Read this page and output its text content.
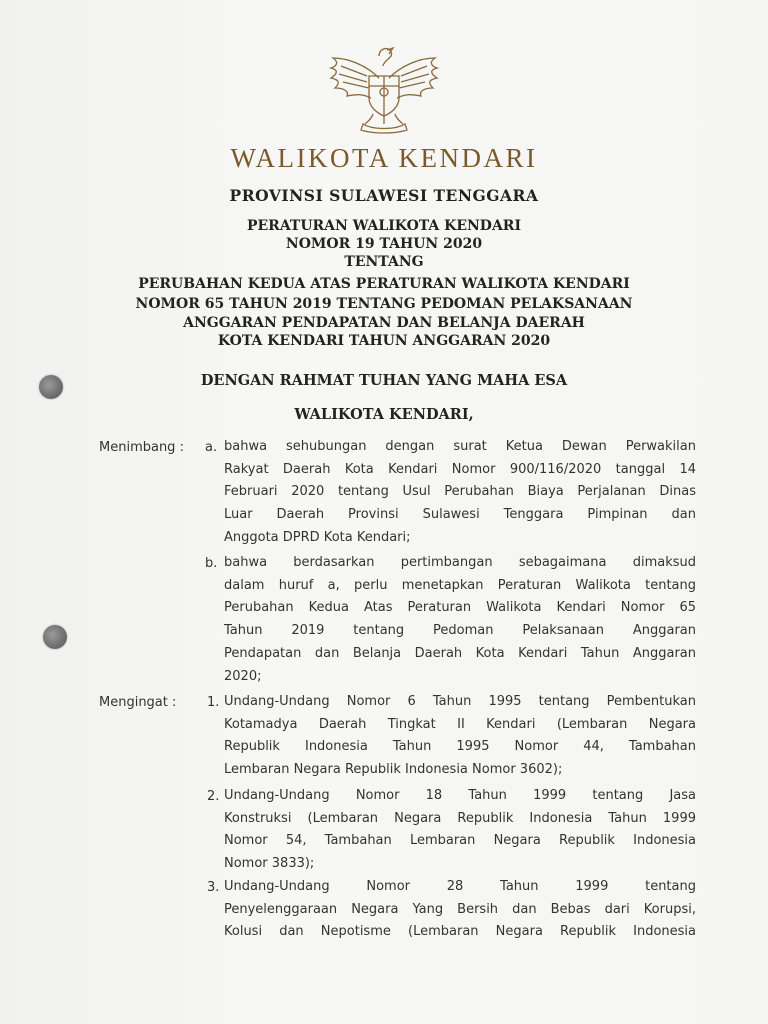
WALIKOTA KENDARI
PROVINSI SULAWESI TENGGARA
PERATURAN WALIKOTA KENDARI
NOMOR 19 TAHUN 2020
TENTANG
PERUBAHAN KEDUA ATAS PERATURAN WALIKOTA KENDARI
NOMOR 65 TAHUN 2019 TENTANG PEDOMAN PELAKSANAAN
ANGGARAN PENDAPATAN DAN BELANJA DAERAH
KOTA KENDARI TAHUN ANGGARAN 2020
DENGAN RAHMAT TUHAN YANG MAHA ESA
WALIKOTA KENDARI,
Menimbang : a. bahwa sehubungan dengan surat Ketua Dewan Perwakilan
Rakyat Daerah Kota Kendari Nomor 900/116/2020 tanggal 14
Februari 2020 tentang Usul Perubahan Biaya Perjalanan Dinas
Luar Daerah Provinsi Sulawesi Tenggara Pimpinan dan
Anggota DPRD Kota Kendari;
b. bahwa berdasarkan pertimbangan sebagaimana dimaksud
dalam huruf a, perlu menetapkan Peraturan Walikota tentang
Perubahan Kedua Atas Peraturan Walikota Kendari Nomor 65
Tahun 2019 tentang Pedoman Pelaksanaan Anggaran
Pendapatan dan Belanja Daerah Kota Kendari Tahun Anggaran
2020;
Mengingat : 1. Undang-Undang Nomor 6 Tahun 1995 tentang Pembentukan
Kotamadya Daerah Tingkat II Kendari (Lembaran Negara
Republik Indonesia Tahun 1995 Nomor 44, Tambahan
Lembaran Negara Republik Indonesia Nomor 3602);
2. Undang-Undang Nomor 18 Tahun 1999 tentang Jasa
Konstruksi (Lembaran Negara Republik Indonesia Tahun 1999
Nomor 54, Tambahan Lembaran Negara Republik Indonesia
Nomor 3833);
3. Undang-Undang Nomor 28 Tahun 1999 tentang
Penyelenggaraan Negara Yang Bersih dan Bebas dari Korupsi,
Kolusi dan Nepotisme (Lembaran Negara Republik Indonesia
